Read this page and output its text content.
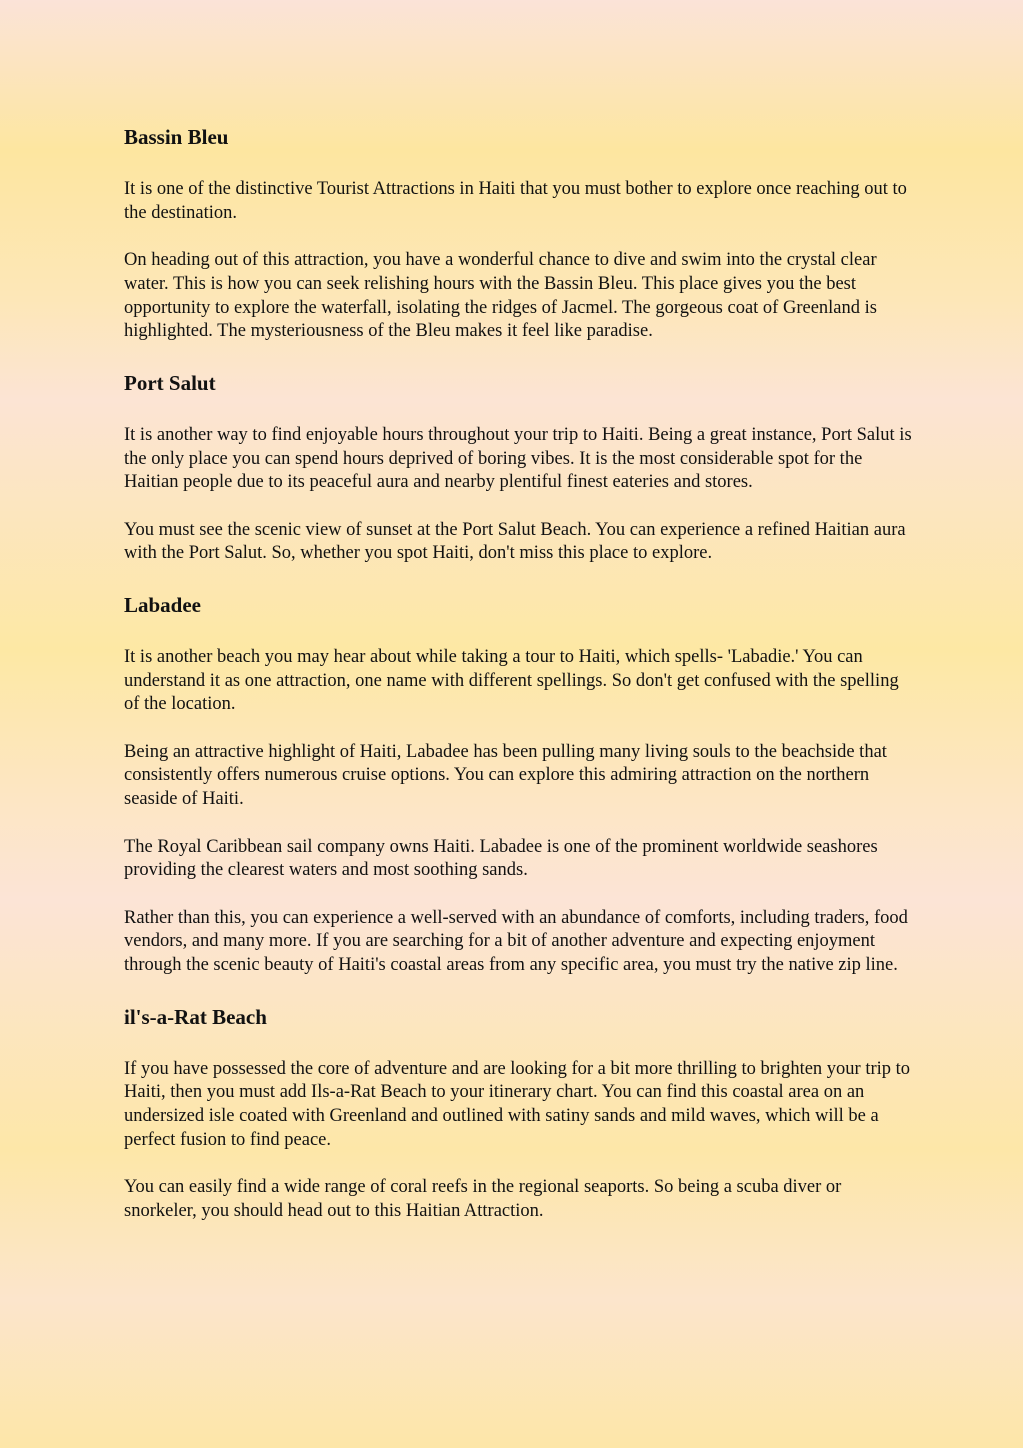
Bassin Bleu

It is one of the distinctive Tourist Attractions in Haiti that you must bother to explore once reaching out to the destination.

On heading out of this attraction, you have a wonderful chance to dive and swim into the crystal clear water. This is how you can seek relishing hours with the Bassin Bleu. This place gives you the best opportunity to explore the waterfall, isolating the ridges of Jacmel. The gorgeous coat of Greenland is highlighted. The mysteriousness of the Bleu makes it feel like paradise.

Port Salut

It is another way to find enjoyable hours throughout your trip to Haiti. Being a great instance, Port Salut is the only place you can spend hours deprived of boring vibes. It is the most considerable spot for the Haitian people due to its peaceful aura and nearby plentiful finest eateries and stores.

You must see the scenic view of sunset at the Port Salut Beach. You can experience a refined Haitian aura with the Port Salut. So, whether you spot Haiti, don't miss this place to explore.

Labadee

It is another beach you may hear about while taking a tour to Haiti, which spells- 'Labadie.' You can understand it as one attraction, one name with different spellings. So don't get confused with the spelling of the location.

Being an attractive highlight of Haiti, Labadee has been pulling many living souls to the beachside that consistently offers numerous cruise options. You can explore this admiring attraction on the northern seaside of Haiti.

The Royal Caribbean sail company owns Haiti. Labadee is one of the prominent worldwide seashores providing the clearest waters and most soothing sands.

Rather than this, you can experience a well-served with an abundance of comforts, including traders, food vendors, and many more. If you are searching for a bit of another adventure and expecting enjoyment through the scenic beauty of Haiti's coastal areas from any specific area, you must try the native zip line.

il's-a-Rat Beach

If you have possessed the core of adventure and are looking for a bit more thrilling to brighten your trip to Haiti, then you must add Ils-a-Rat Beach to your itinerary chart. You can find this coastal area on an undersized isle coated with Greenland and outlined with satiny sands and mild waves, which will be a perfect fusion to find peace.

You can easily find a wide range of coral reefs in the regional seaports. So being a scuba diver or snorkeler, you should head out to this Haitian Attraction.
